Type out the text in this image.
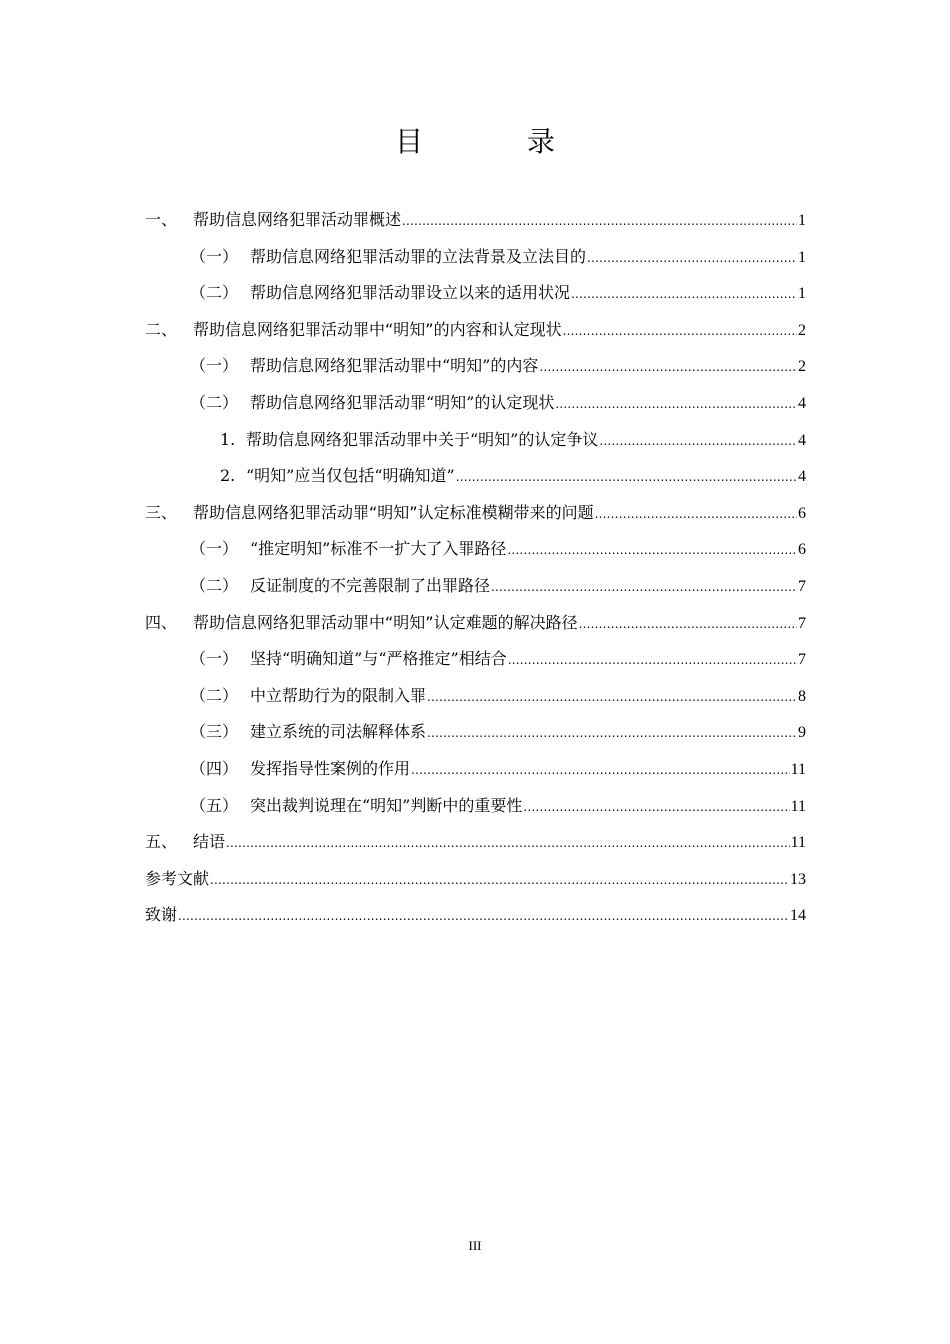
目　录
一、 帮助信息网络犯罪活动罪概述 .....	1
（一） 帮助信息网络犯罪活动罪的立法背景及立法目的 .....	1
（二） 帮助信息网络犯罪活动罪设立以来的适用状况 .....	1
二、 帮助信息网络犯罪活动罪中“明知”的内容和认定现状 .....	2
（一） 帮助信息网络犯罪活动罪中“明知”的内容 .....	2
（二） 帮助信息网络犯罪活动罪“明知”的认定现状 .....	4
1. 帮助信息网络犯罪活动罪中关于“明知”的认定争议 .....	4
2. “明知”应当仅包括“明确知道” .....	4
三、 帮助信息网络犯罪活动罪“明知”认定标准模糊带来的问题 .....	6
（一） “推定明知”标准不一扩大了入罪路径 .....	6
（二） 反证制度的不完善限制了出罪路径 .....	7
四、 帮助信息网络犯罪活动罪中“明知”认定难题的解决路径 .....	7
（一） 坚持“明确知道”与“严格推定”相结合 .....	7
（二） 中立帮助行为的限制入罪 .....	8
（三） 建立系统的司法解释体系 .....	9
（四） 发挥指导性案例的作用 .....	11
（五） 突出裁判说理在“明知”判断中的重要性 .....	11
五、 结语 .....	11
参考文献 .....	13
致谢 .....	14
III
